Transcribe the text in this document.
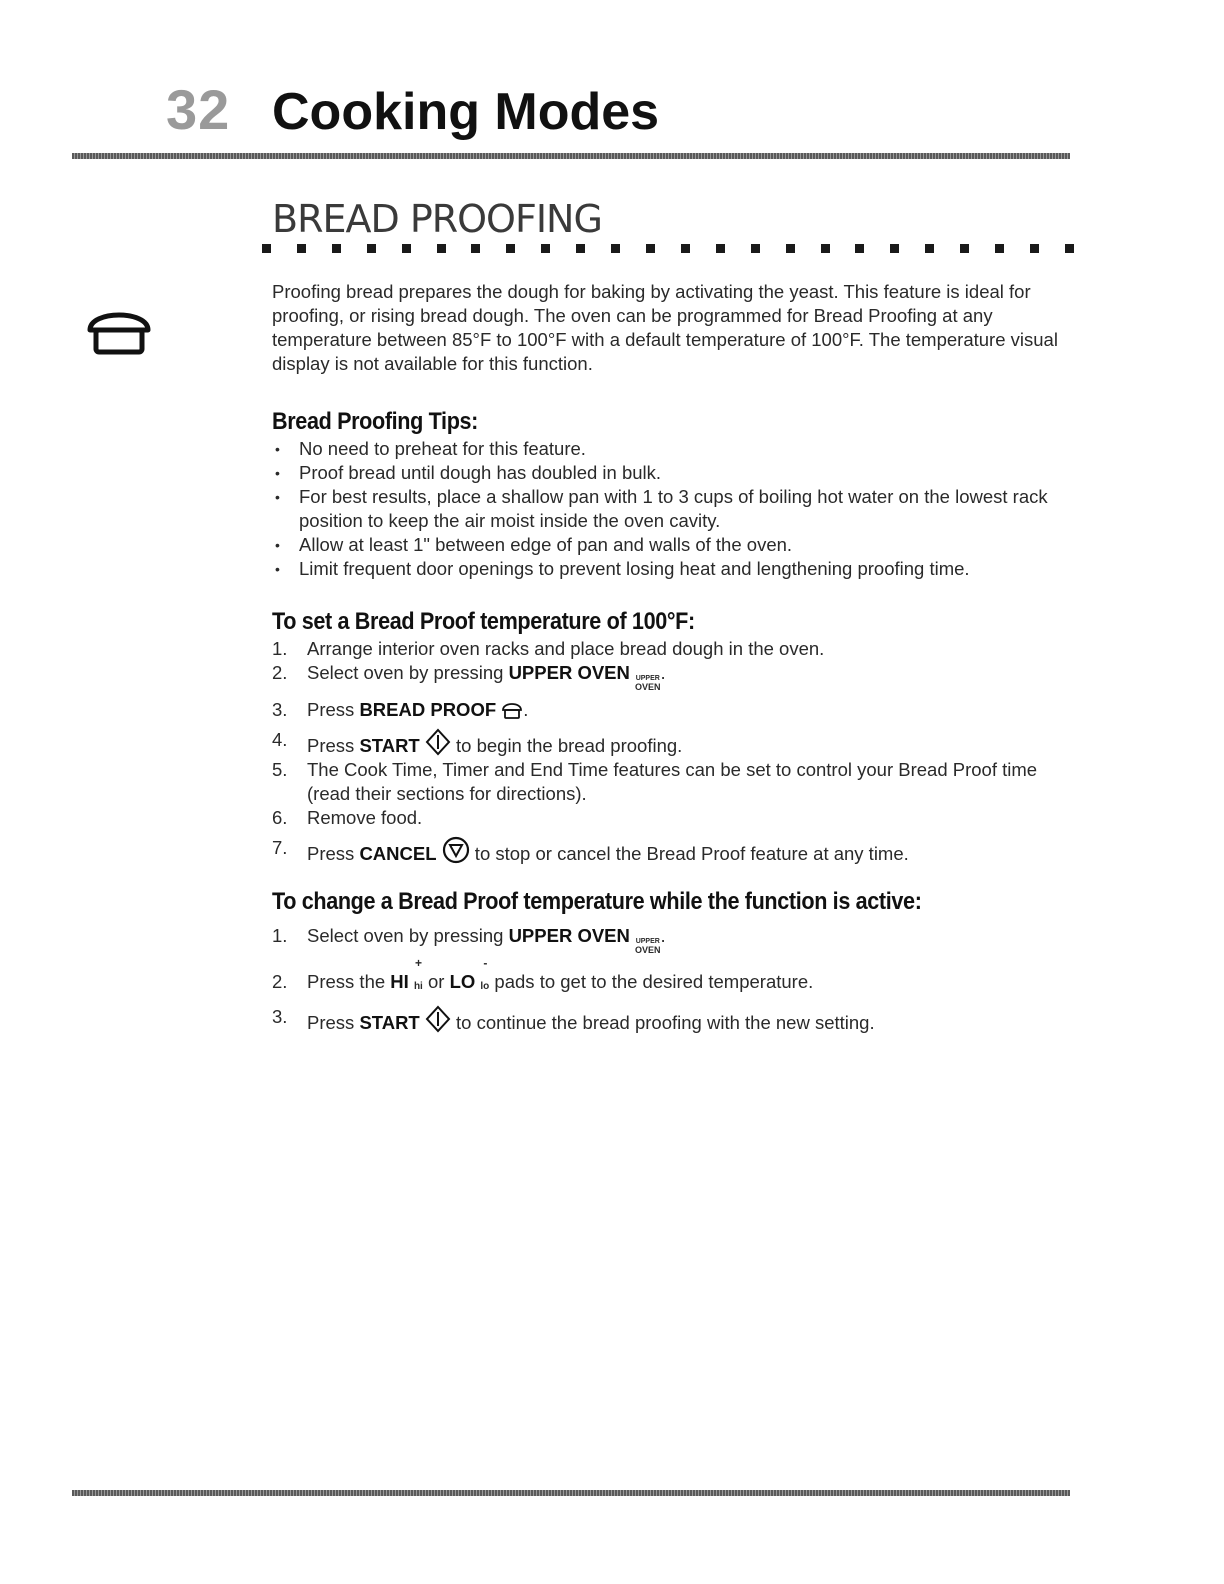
32 Cooking Modes
BREAD PROOFING
Proofing bread prepares the dough for baking by activating the yeast. This feature is ideal for proofing, or rising bread dough. The oven can be programmed for Bread Proofing at any temperature between 85°F to 100°F with a default temperature of 100°F. The temperature visual display is not available for this function.
Bread Proofing Tips:
• No need to preheat for this feature.
• Proof bread until dough has doubled in bulk.
• For best results, place a shallow pan with 1 to 3 cups of boiling hot water on the lowest rack position to keep the air moist inside the oven cavity.
• Allow at least 1" between edge of pan and walls of the oven.
• Limit frequent door openings to prevent losing heat and lengthening proofing time.
To set a Bread Proof temperature of 100°F:
1. Arrange interior oven racks and place bread dough in the oven.
2. Select oven by pressing UPPER OVEN UPPER
OVEN
.
3. Press BREAD PROOF .
4. Press START
to begin the bread proofing.
5. The Cook Time, Timer and End Time features can be set to control your Bread Proof time (read their sections for directions).
6. Remove food.
7. Press CANCEL
to stop or cancel the Bread Proof feature at any time.
To change a Bread Proof temperature while the function is active:
1. Select oven by pressing UPPER OVEN UPPER
OVEN
.
2. Press the HI
+
hi or LO
-
lo pads to get to the desired temperature.
3. Press START
to continue the bread proofing with the new setting.
